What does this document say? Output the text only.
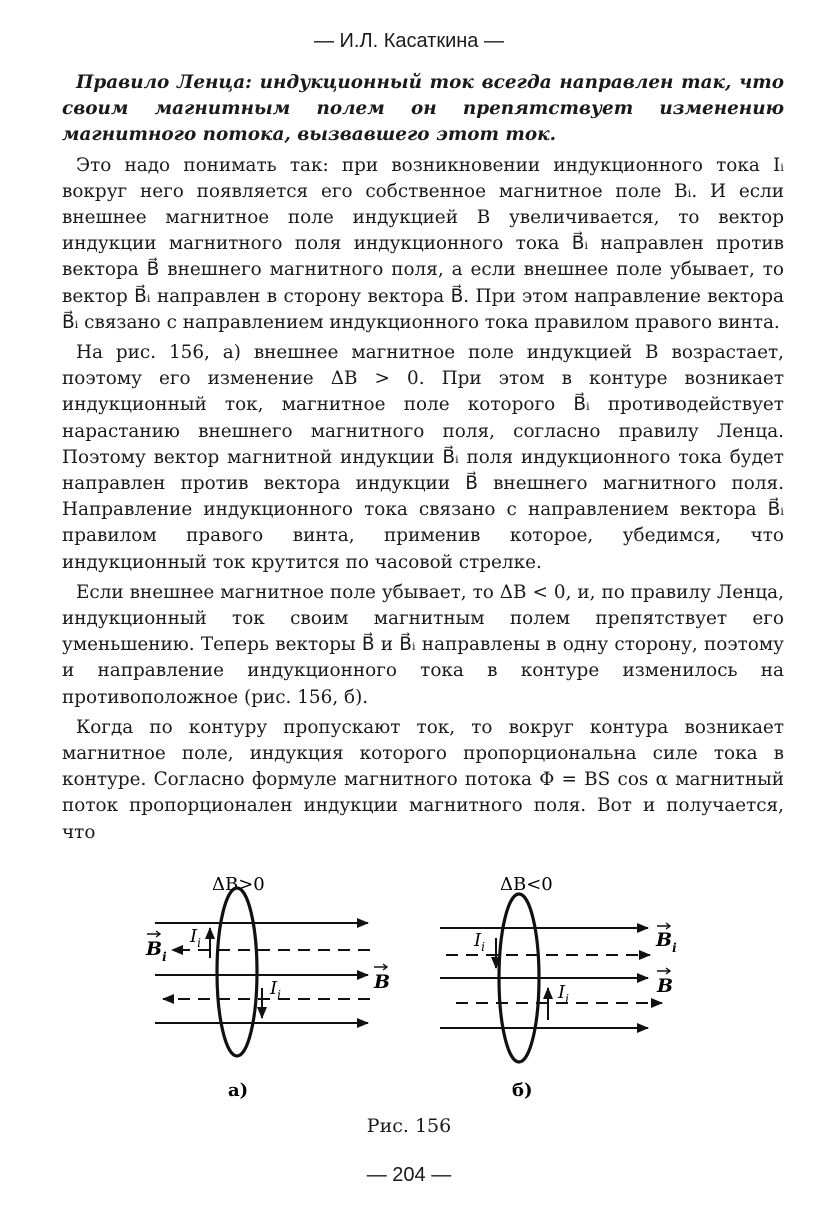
— И.Л. Касаткина —

Правило Ленца: индукционный ток всегда направлен так, что своим магнитным полем он препятствует изменению магнитного потока, вызвавшего этот ток.

Это надо понимать так: при возникновении индукционного тока Iᵢ вокруг него появляется его собственное магнитное поле Bᵢ. И если внешнее магнитное поле индукцией B увеличивается, то вектор индукции магнитного поля индукционного тока B⃗ᵢ направлен против вектора B⃗ внешнего магнитного поля, а если внешнее поле убывает, то вектор B⃗ᵢ направлен в сторону вектора B⃗. При этом направление вектора B⃗ᵢ связано с направлением индукционного тока правилом правого винта.

На рис. 156, а) внешнее магнитное поле индукцией B возрастает, поэтому его изменение ΔB > 0. При этом в контуре возникает индукционный ток, магнитное поле которого B⃗ᵢ противодействует нарастанию внешнего магнитного поля, согласно правилу Ленца. Поэтому вектор магнитной индукции B⃗ᵢ поля индукционного тока будет направлен против вектора индукции B⃗ внешнего магнитного поля. Направление индукционного тока связано с направлением вектора B⃗ᵢ правилом правого винта, применив которое, убедимся, что индукционный ток крутится по часовой стрелке.

Если внешнее магнитное поле убывает, то ΔB < 0, и, по правилу Ленца, индукционный ток своим магнитным полем препятствует его уменьшению. Теперь векторы B⃗ и B⃗ᵢ направлены в одну сторону, поэтому и направление индукционного тока в контуре изменилось на противоположное (рис. 156, б).

Когда по контуру пропускают ток, то вокруг контура возникает магнитное поле, индукция которого пропорциональна силе тока в контуре. Согласно формуле магнитного потока Φ = BS cos α магнитный поток пропорционален индукции магнитного поля. Вот и получается, что

ΔB>0
$I_i$
$I_i$
$B_i$
B
а)
ΔB<0
$I_i$
$I_i$
$B_i$
B
б)
Рис. 156
— 204 —
